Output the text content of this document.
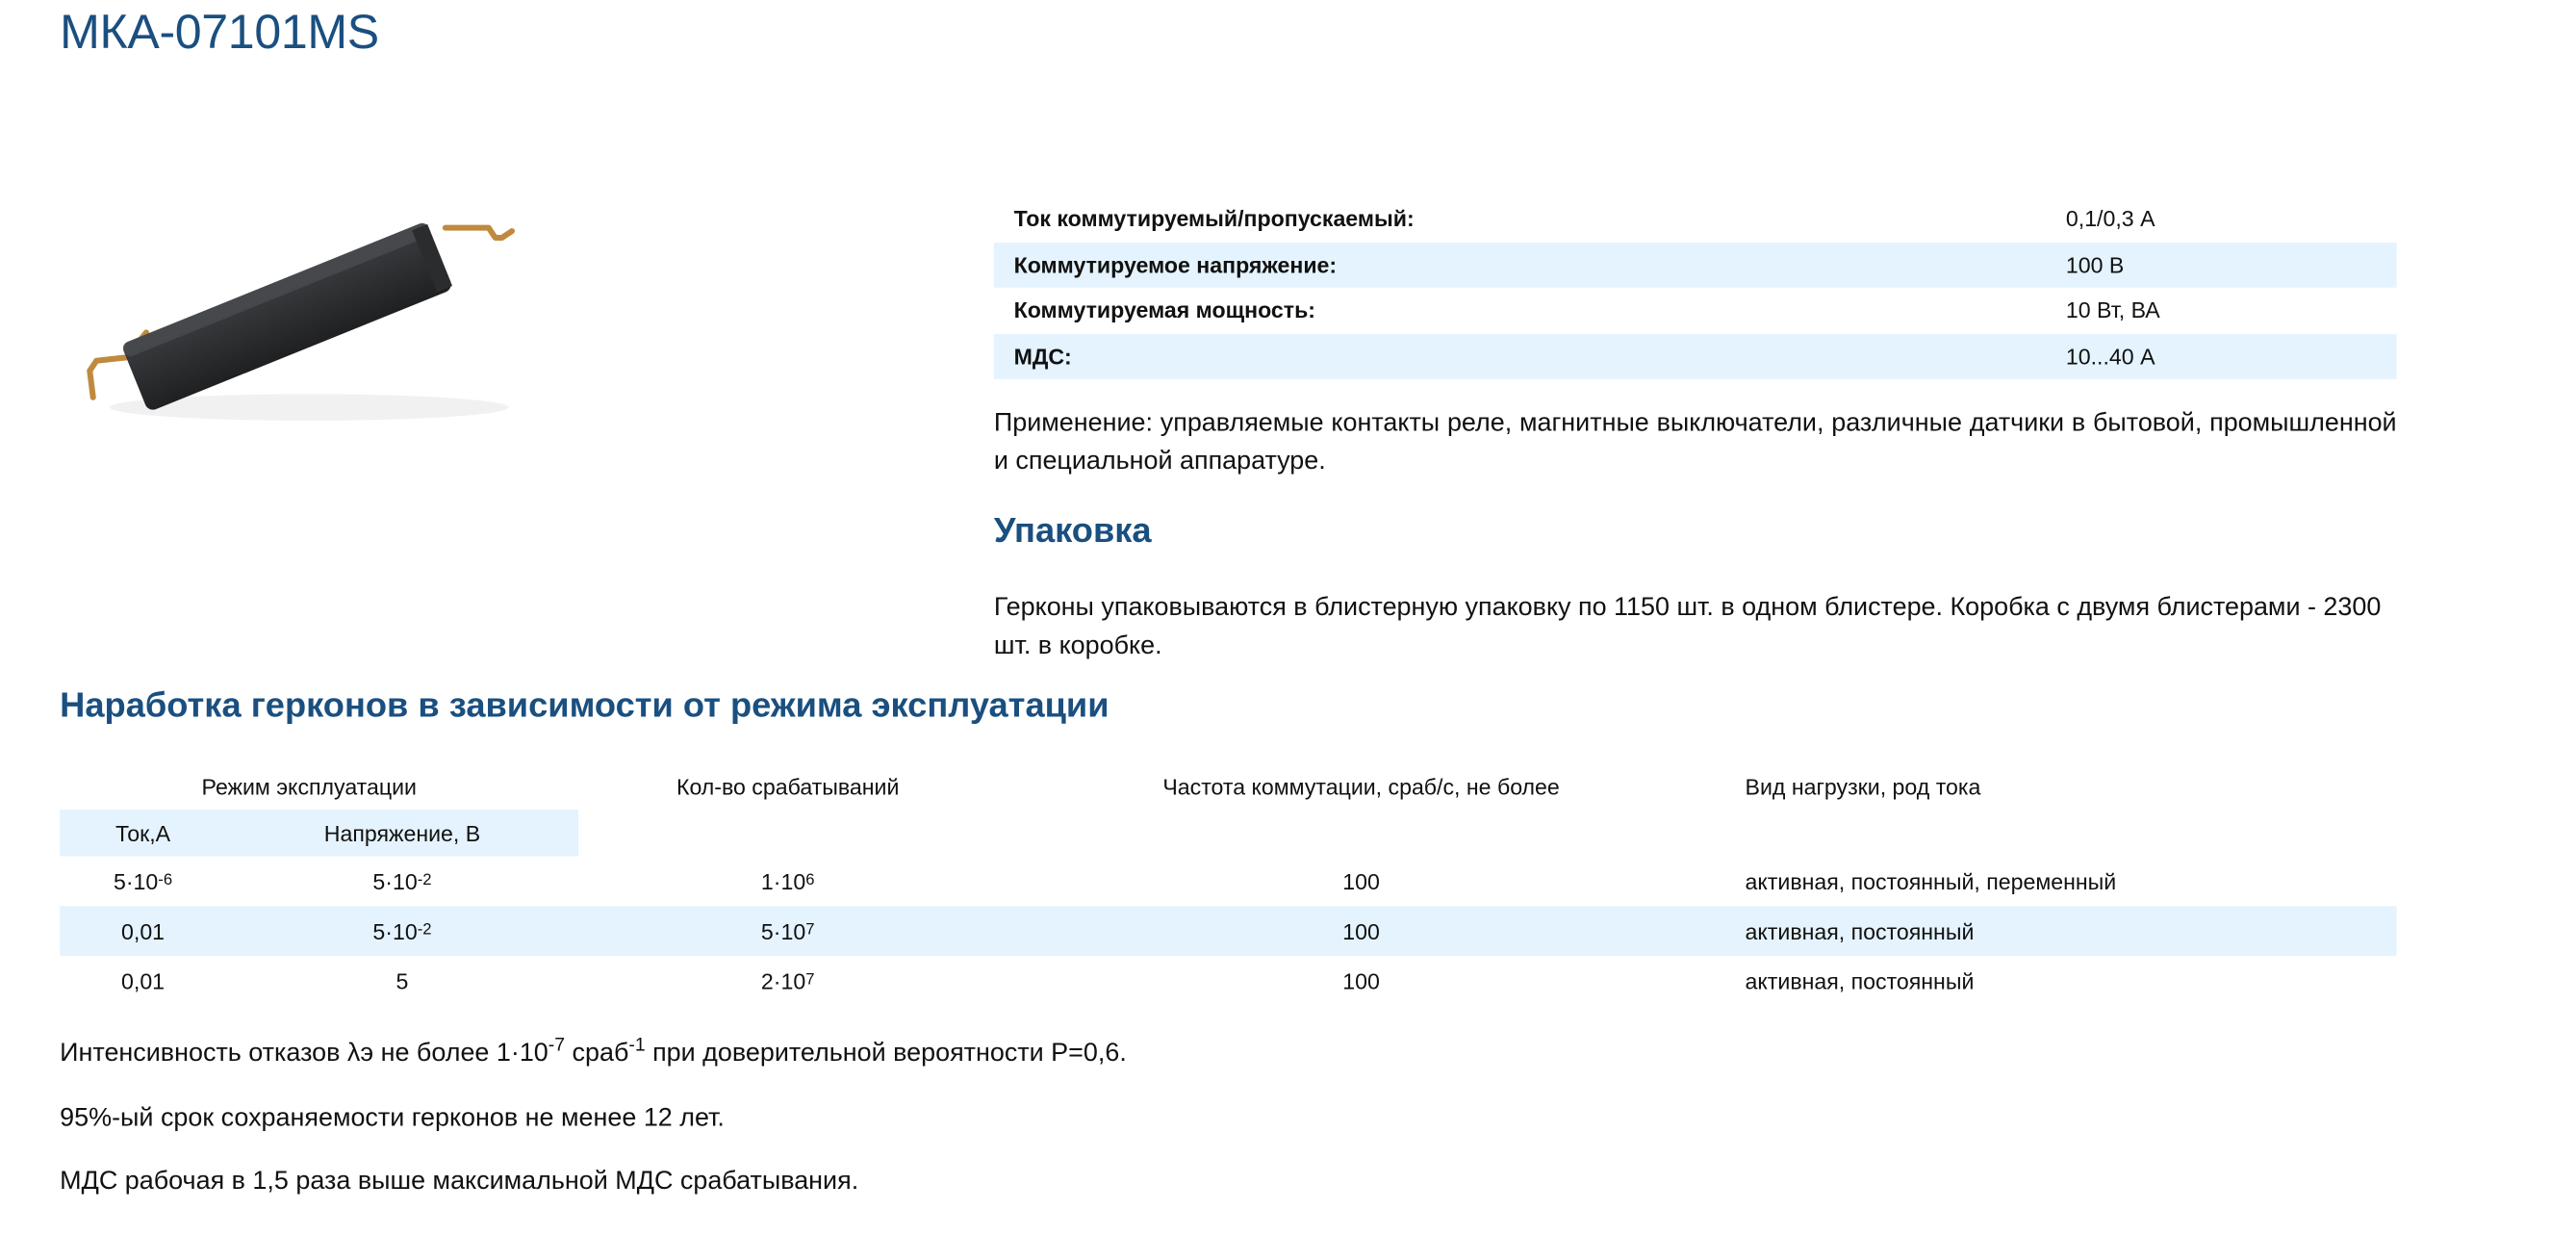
МКА-07101MS
Ток коммутируемый/пропускаемый:	0,1/0,3 А
Коммутируемое напряжение:	100 В
Коммутируемая мощность:	10 Вт, ВА
МДС:	10...40 А

Применение: управляемые контакты реле, магнитные выключатели, различные датчики в бытовой, промышленной и специальной аппаратуре.

Упаковка

Герконы упаковываются в блистерную упаковку по 1150 шт. в одном блистере. Коробка с двумя блистерами - 2300 шт. в коробке.

Наработка герконов в зависимости от режима эксплуатации
Режим эксплуатации	Кол-во срабатываний	Частота коммутации, сраб/с, не более	Вид нагрузки, род тока
Ток,А	Напряжение, В
5·10 -6	5·10 -2	1·10 6	100	активная, постоянный, переменный
0,01	5·10 -2	5·10 7	100	активная, постоянный
0,01	5	2·10 7	100	активная, постоянный

Интенсивность отказов λэ не более $1\cdot 10^{-7}$ сраб$^{-1}$ при доверительной вероятности Р=0,6.

95%-ый срок сохраняемости герконов не менее 12 лет.

МДС рабочая в 1,5 раза выше максимальной МДС срабатывания.
